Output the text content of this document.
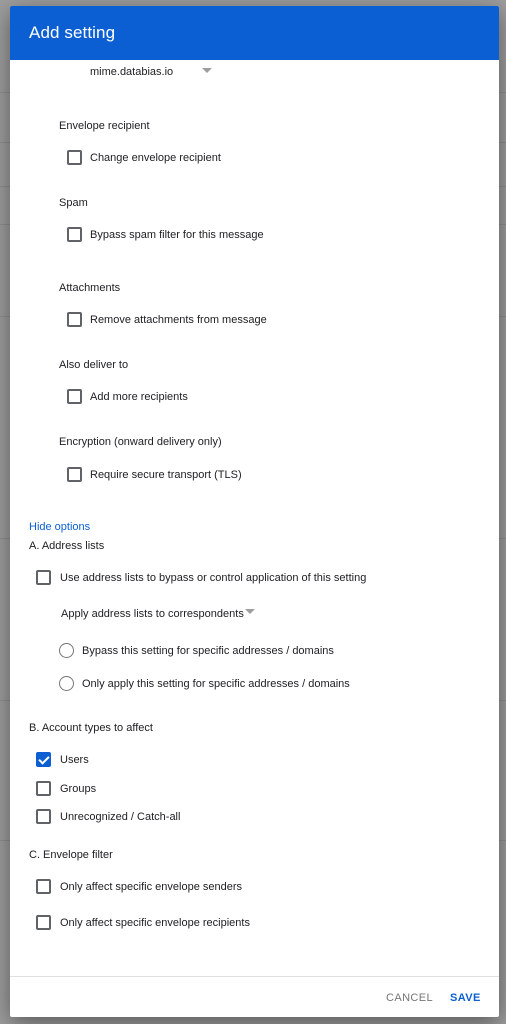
Add setting
mime.databias.io
Envelope recipient
Change envelope recipient
Spam
Bypass spam filter for this message
Attachments
Remove attachments from message
Also deliver to
Add more recipients
Encryption (onward delivery only)
Require secure transport (TLS)
Hide options
A. Address lists
Use address lists to bypass or control application of this setting
Apply address lists to correspondents
Bypass this setting for specific addresses / domains
Only apply this setting for specific addresses / domains
B. Account types to affect
Users
Groups
Unrecognized / Catch-all
C. Envelope filter
Only affect specific envelope senders
Only affect specific envelope recipients
CANCEL SAVE
